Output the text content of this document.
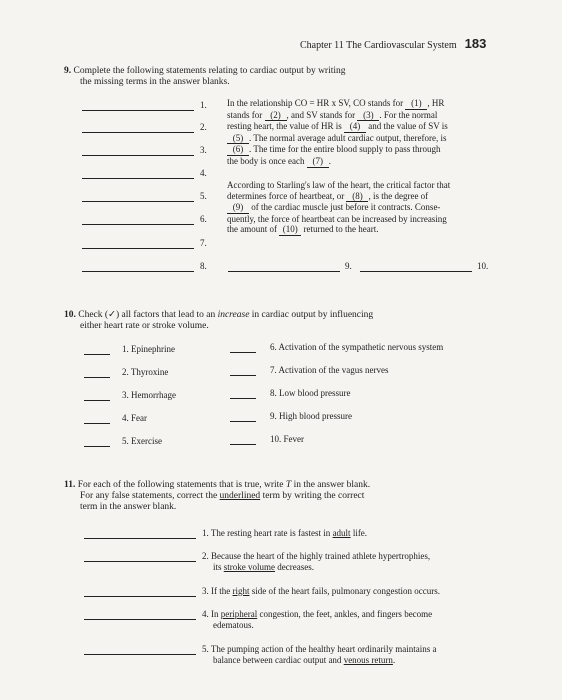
Chapter 11 The Cardiovascular System 183
9. Complete the following statements relating to cardiac output by writing
the missing terms in the answer blanks.
1.
2.
3.
4.
5.
6.
7.
In the relationship CO = HR x SV, CO stands for (1) , HR
stands for (2) , and SV stands for (3) . For the normal
resting heart, the value of HR is (4) and the value of SV is
(5) . The normal average adult cardiac output, therefore, is
(6) . The time for the entire blood supply to pass through
the body is once each (7) .
According to Starling's law of the heart, the critical factor that
determines force of heartbeat, or (8) , is the degree of
(9) of the cardiac muscle just before it contracts. Conse-
quently, the force of heartbeat can be increased by increasing
the amount of (10) returned to the heart.
8.	9.	10.
10. Check (✓) all factors that lead to an increase in cardiac output by influencing
either heart rate or stroke volume.
1. Epinephrine
2. Thyroxine
3. Hemorrhage
4. Fear
5. Exercise
6. Activation of the sympathetic nervous system
7. Activation of the vagus nerves
8. Low blood pressure
9. High blood pressure
10. Fever
11. For each of the following statements that is true, write T in the answer blank.
For any false statements, correct the underlined term by writing the correct
term in the answer blank.
1. The resting heart rate is fastest in adult life.
2. Because the heart of the highly trained athlete hypertrophies,
its stroke volume decreases.
3. If the right side of the heart fails, pulmonary congestion occurs.
4. In peripheral congestion, the feet, ankles, and fingers become
edematous.
5. The pumping action of the healthy heart ordinarily maintains a
balance between cardiac output and venous return.
